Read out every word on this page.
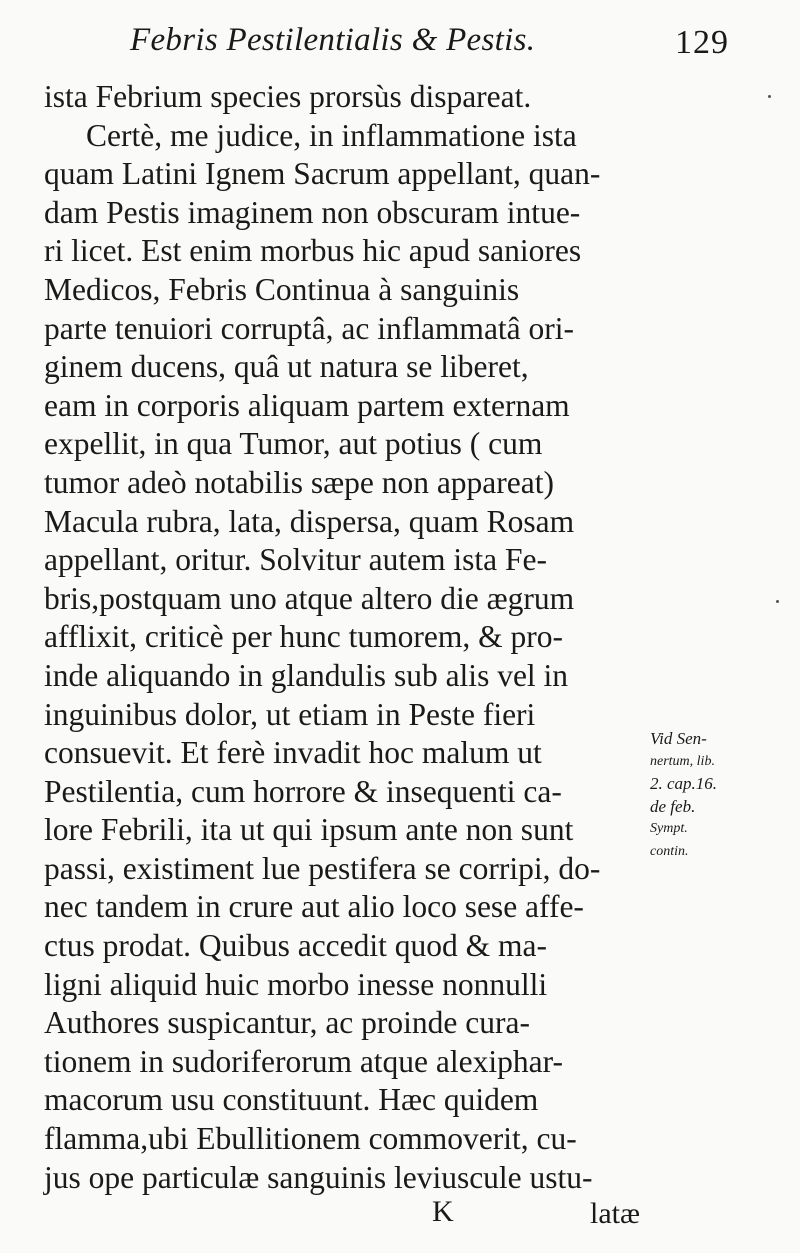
Febris Pestilentialis & Pestis.	129
ista Febrium species prorsùs dispareat.
Certè, me judice, in inflammatione ista
quam Latini Ignem Sacrum appellant, quan-
dam Pestis imaginem non obscuram intue-
ri licet. Est enim morbus hic apud saniores
Medicos, Febris Continua à sanguinis
parte tenuiori corruptâ, ac inflammatâ ori-
ginem ducens, quâ ut natura se liberet,
eam in corporis aliquam partem externam
expellit, in qua Tumor, aut potius ( cum
tumor adeò notabilis sæpe non appareat)
Macula rubra, lata, dispersa, quam Rosam
appellant, oritur. Solvitur autem ista Fe-
bris,postquam uno atque altero die ægrum
afflixit, criticè per hunc tumorem, & pro-
inde aliquando in glandulis sub alis vel in
inguinibus dolor, ut etiam in Peste fieri
consuevit. Et ferè invadit hoc malum ut
Pestilentia, cum horrore & insequenti ca-
lore Febrili, ita ut qui ipsum ante non sunt
passi, existiment lue pestifera se corripi, do-
nec tandem in crure aut alio loco sese affe-
ctus prodat. Quibus accedit quod & ma-
ligni aliquid huic morbo inesse nonnulli
Authores suspicantur, ac proinde cura-
tionem in sudoriferorum atque alexiphar-
macorum usu constituunt. Hæc quidem
flamma,ubi Ebullitionem commoverit, cu-
jus ope particulæ sanguinis leviuscule ustu-
Vid Sen-
nertum, lib.
2. cap.16.
de feb.
Sympt.
contin.
K	latæ
